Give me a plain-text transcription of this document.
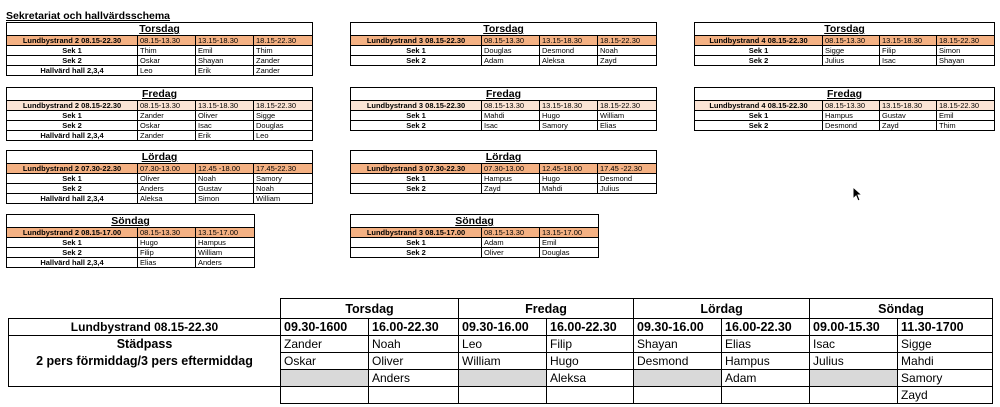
Sekretariat och hallvärdsschema
Torsdag			
Lundbystrand 2 08.15-22.30	08.15-13.30	13.15-18.30	18.15-22.30
Sek 1	Thim	Emil	Thim
Sek 2	Oskar	Shayan	Zander
Hallvärd hall 2,3,4	Leo	Erik	Zander
Torsdag			
Lundbystrand 3 08.15-22.30	08.15-13.30	13.15-18.30	18.15-22.30
Sek 1	Douglas	Desmond	Noah
Sek 2	Adam	Aleksa	Zayd
Torsdag			
Lundbystrand 4 08.15-22.30	08.15-13.30	13.15-18.30	18.15-22.30
Sek 1	Sigge	Filip	Simon
Sek 2	Julius	Isac	Shayan
Fredag			
Lundbystrand 2 08.15-22.30	08.15-13.30	13.15-18.30	18.15-22.30
Sek 1	Zander	Oliver	Sigge
Sek 2	Oskar	Isac	Douglas
Hallvärd hall 2,3,4	Zander	Erik	Leo
Fredag			
Lundbystrand 3 08.15-22.30	08.15-13.30	13.15-18.30	18.15-22.30
Sek 1	Mahdi	Hugo	William
Sek 2	Isac	Samory	Elias
Fredag			
Lundbystrand 4 08.15-22.30	08.15-13.30	13.15-18.30	18.15-22.30
Sek 1	Hampus	Gustav	Emil
Sek 2	Desmond	Zayd	Thim
Lördag			
Lundbystrand 2 07.30-22.30	07.30-13.00	12.45 -18.00	17.45-22.30
Sek 1	Oliver	Noah	Samory
Sek 2	Anders	Gustav	Noah
Hallvärd hall 2,3,4	Aleksa	Simon	William
Lördag			
Lundbystrand 3 07.30-22.30	07.30-13.00	12.45-18.00	17.45 -22.30
Sek 1	Hampus	Hugo	Desmond
Sek 2	Zayd	Mahdi	Julius
Söndag		
Lundbystrand 2 08.15-17.00	08.15-13.30	13.15-17.00
Sek 1	Hugo	Hampus
Sek 2	Filip	William
Hallvärd hall 2,3,4	Elias	Anders
Söndag		
Lundbystrand 3 08.15-17.00	08.15-13.30	13.15-17.00
Sek 1	Adam	Emil
Sek 2	Oliver	Douglas
	Torsdag		Fredag		Lördag		Söndag	
Lundbystrand 08.15-22.30	09.30-1600	16.00-22.30	09.30-16.00	16.00-22.30	09.30-16.00	16.00-22.30	09.00-15.30	11.30-1700
Städpass
2 pers förmiddag/3 pers eftermiddag	Zander	Noah	Leo	Filip	Shayan	Elias	Isac	Sigge
	Oskar	Oliver	William	Hugo	Desmond	Hampus	Julius	Mahdi
		Anders		Aleksa		Adam		Samory
								Zayd
